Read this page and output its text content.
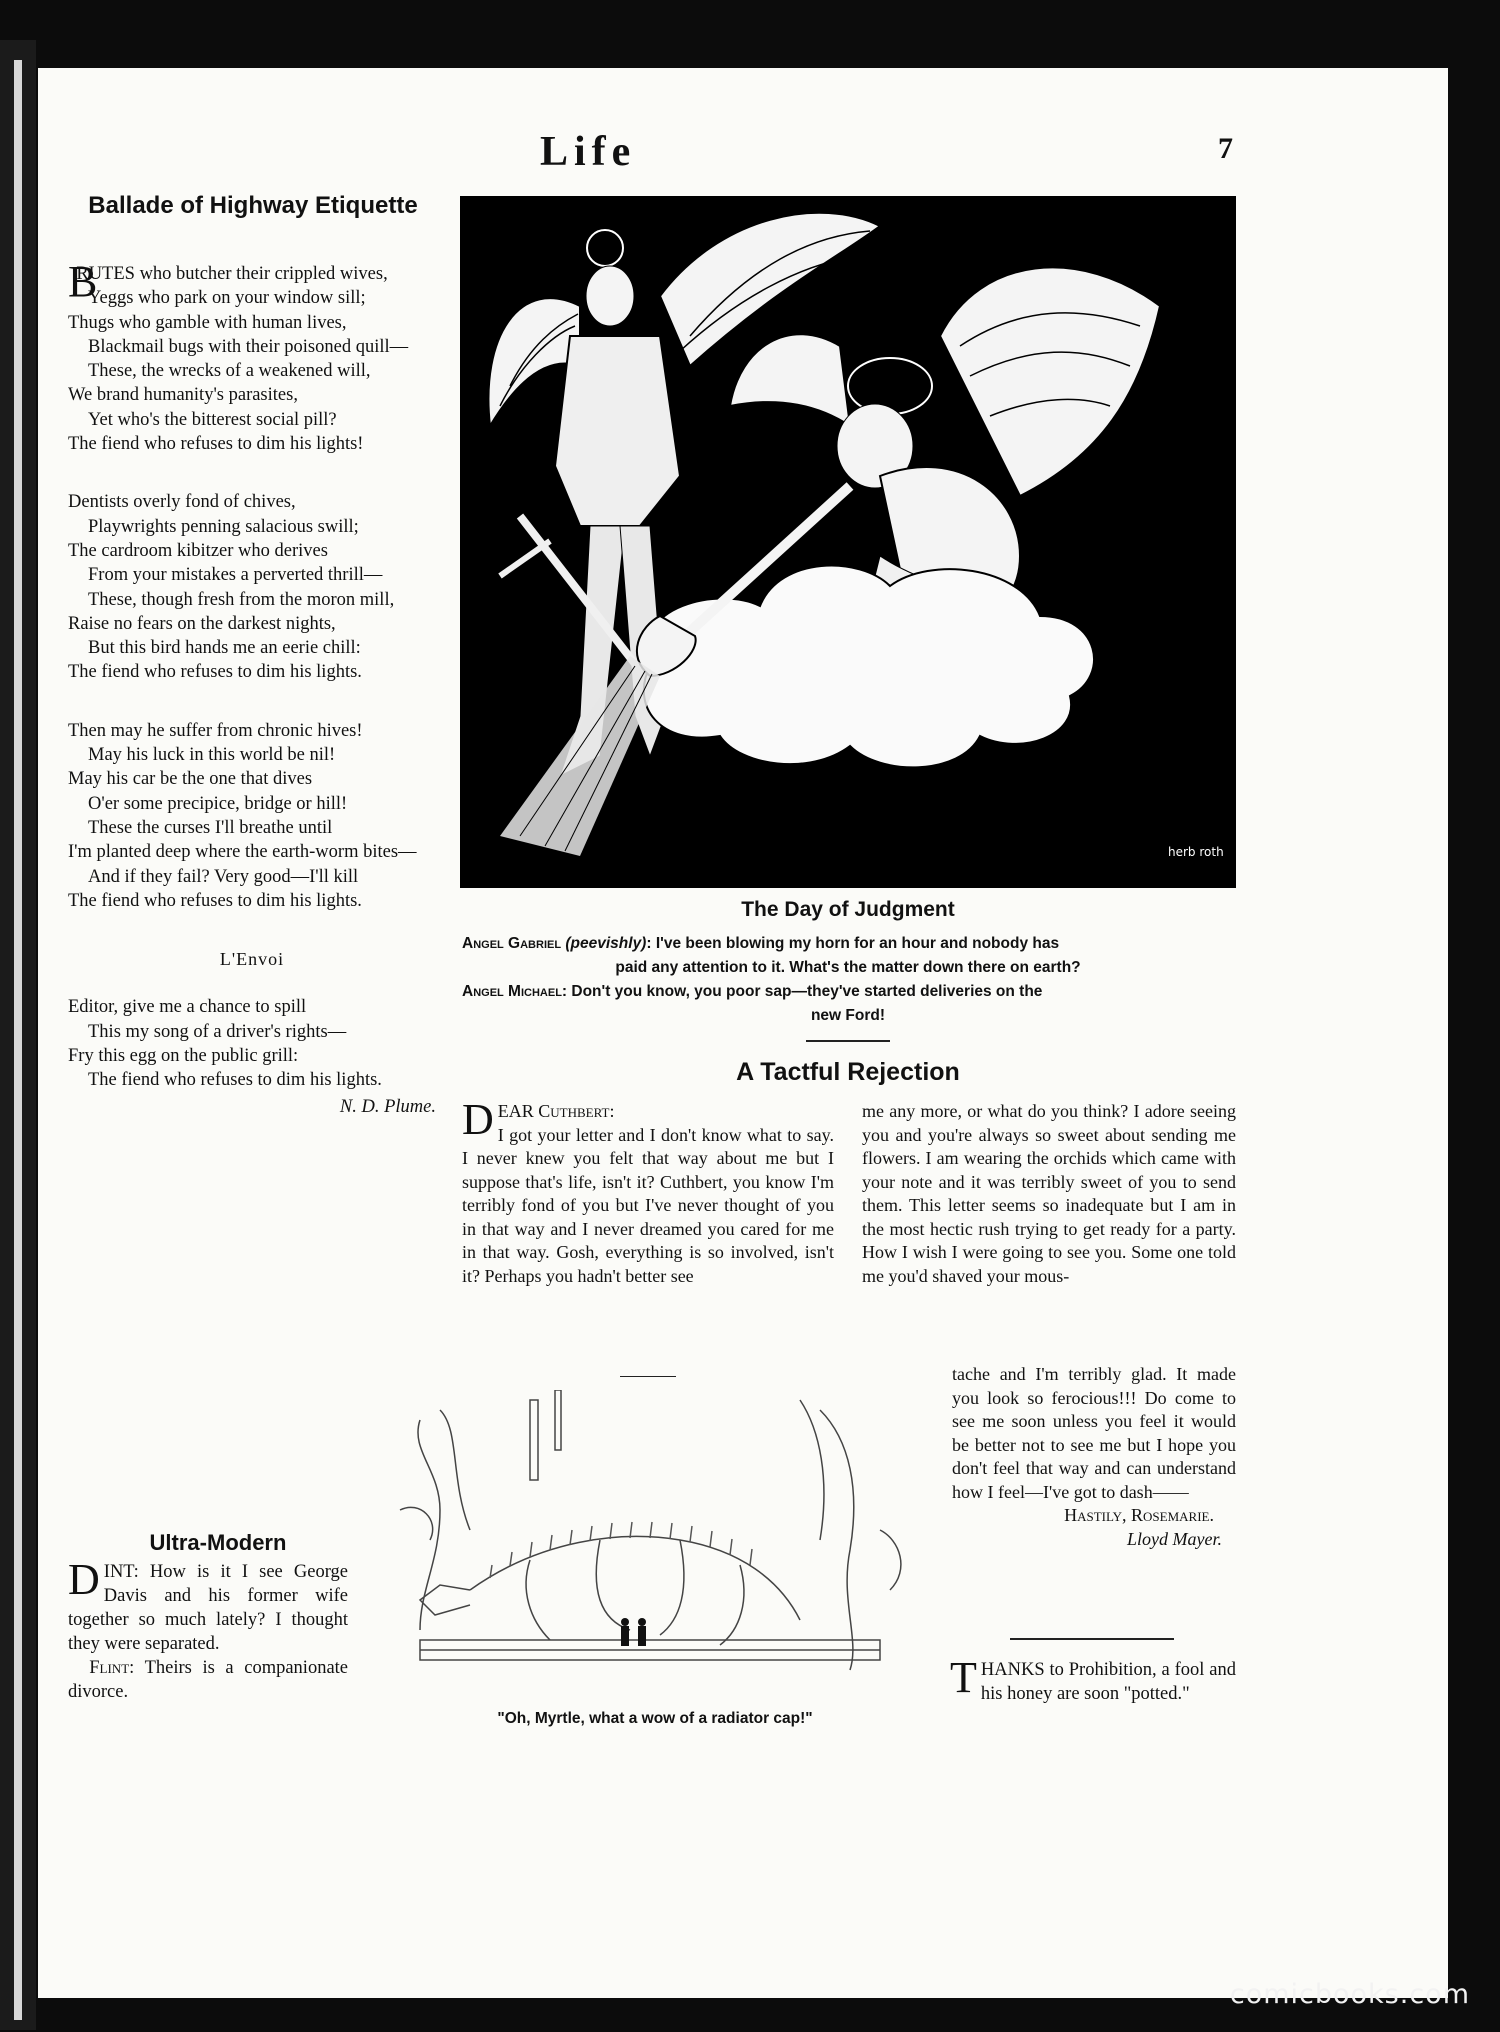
Life	7
Ballade of Highway Etiquette
B
RUTES who butcher their crippled wives,
Yeggs who park on your window sill;
Thugs who gamble with human lives,
Blackmail bugs with their poisoned quill—
These, the wrecks of a weakened will,
We brand humanity's parasites,
Yet who's the bitterest social pill?
The fiend who refuses to dim his lights!
Dentists overly fond of chives,
Playwrights penning salacious swill;
The cardroom kibitzer who derives
From your mistakes a perverted thrill—
These, though fresh from the moron mill,
Raise no fears on the darkest nights,
But this bird hands me an eerie chill:
The fiend who refuses to dim his lights.
Then may he suffer from chronic hives!
May his luck in this world be nil!
May his car be the one that dives
O'er some precipice, bridge or hill!
These the curses I'll breathe until
I'm planted deep where the earth-worm bites—
And if they fail? Very good—I'll kill
The fiend who refuses to dim his lights.
L'Envoi
Editor, give me a chance to spill
This my song of a driver's rights—
Fry this egg on the public grill:
The fiend who refuses to dim his lights.
N. D. Plume.
Ultra-Modern
DINT: How is it I see George Davis and his former wife together so much lately? I thought they were separated.
Flint: Theirs is a companionate divorce.
herb roth
The Day of Judgment
Angel Gabriel (peevishly): I've been blowing my horn for an hour and nobody has
paid any attention to it. What's the matter down there on earth?
Angel Michael: Don't you know, you poor sap—they've started deliveries on the
new Ford!
A Tactful Rejection
DEAR Cuthbert:
I got your letter and I don't know what to say. I never knew you felt that way about me but I suppose that's life, isn't it? Cuthbert, you know I'm terribly fond of you but I've never thought of you in that way and I never dreamed you cared for me in that way. Gosh, everything is so involved, isn't it? Perhaps you hadn't better see
me any more, or what do you think? I adore seeing you and you're always so sweet about sending me flowers. I am wearing the orchids which came with your note and it was terribly sweet of you to send them. This letter seems so inadequate but I am in the most hectic rush trying to get ready for a party. How I wish I were going to see you. Some one told me you'd shaved your mous-
tache and I'm terribly glad. It made you look so ferocious!!! Do come to see me soon unless you feel it would be better not to see me but I hope you don't feel that way and can understand how I feel—I've got to dash——
Hastily, Rosemarie.
Lloyd Mayer.
THANKS to Prohibition, a fool and his honey are soon "potted."
"Oh, Myrtle, what a wow of a radiator cap!"
comicbooks.com
